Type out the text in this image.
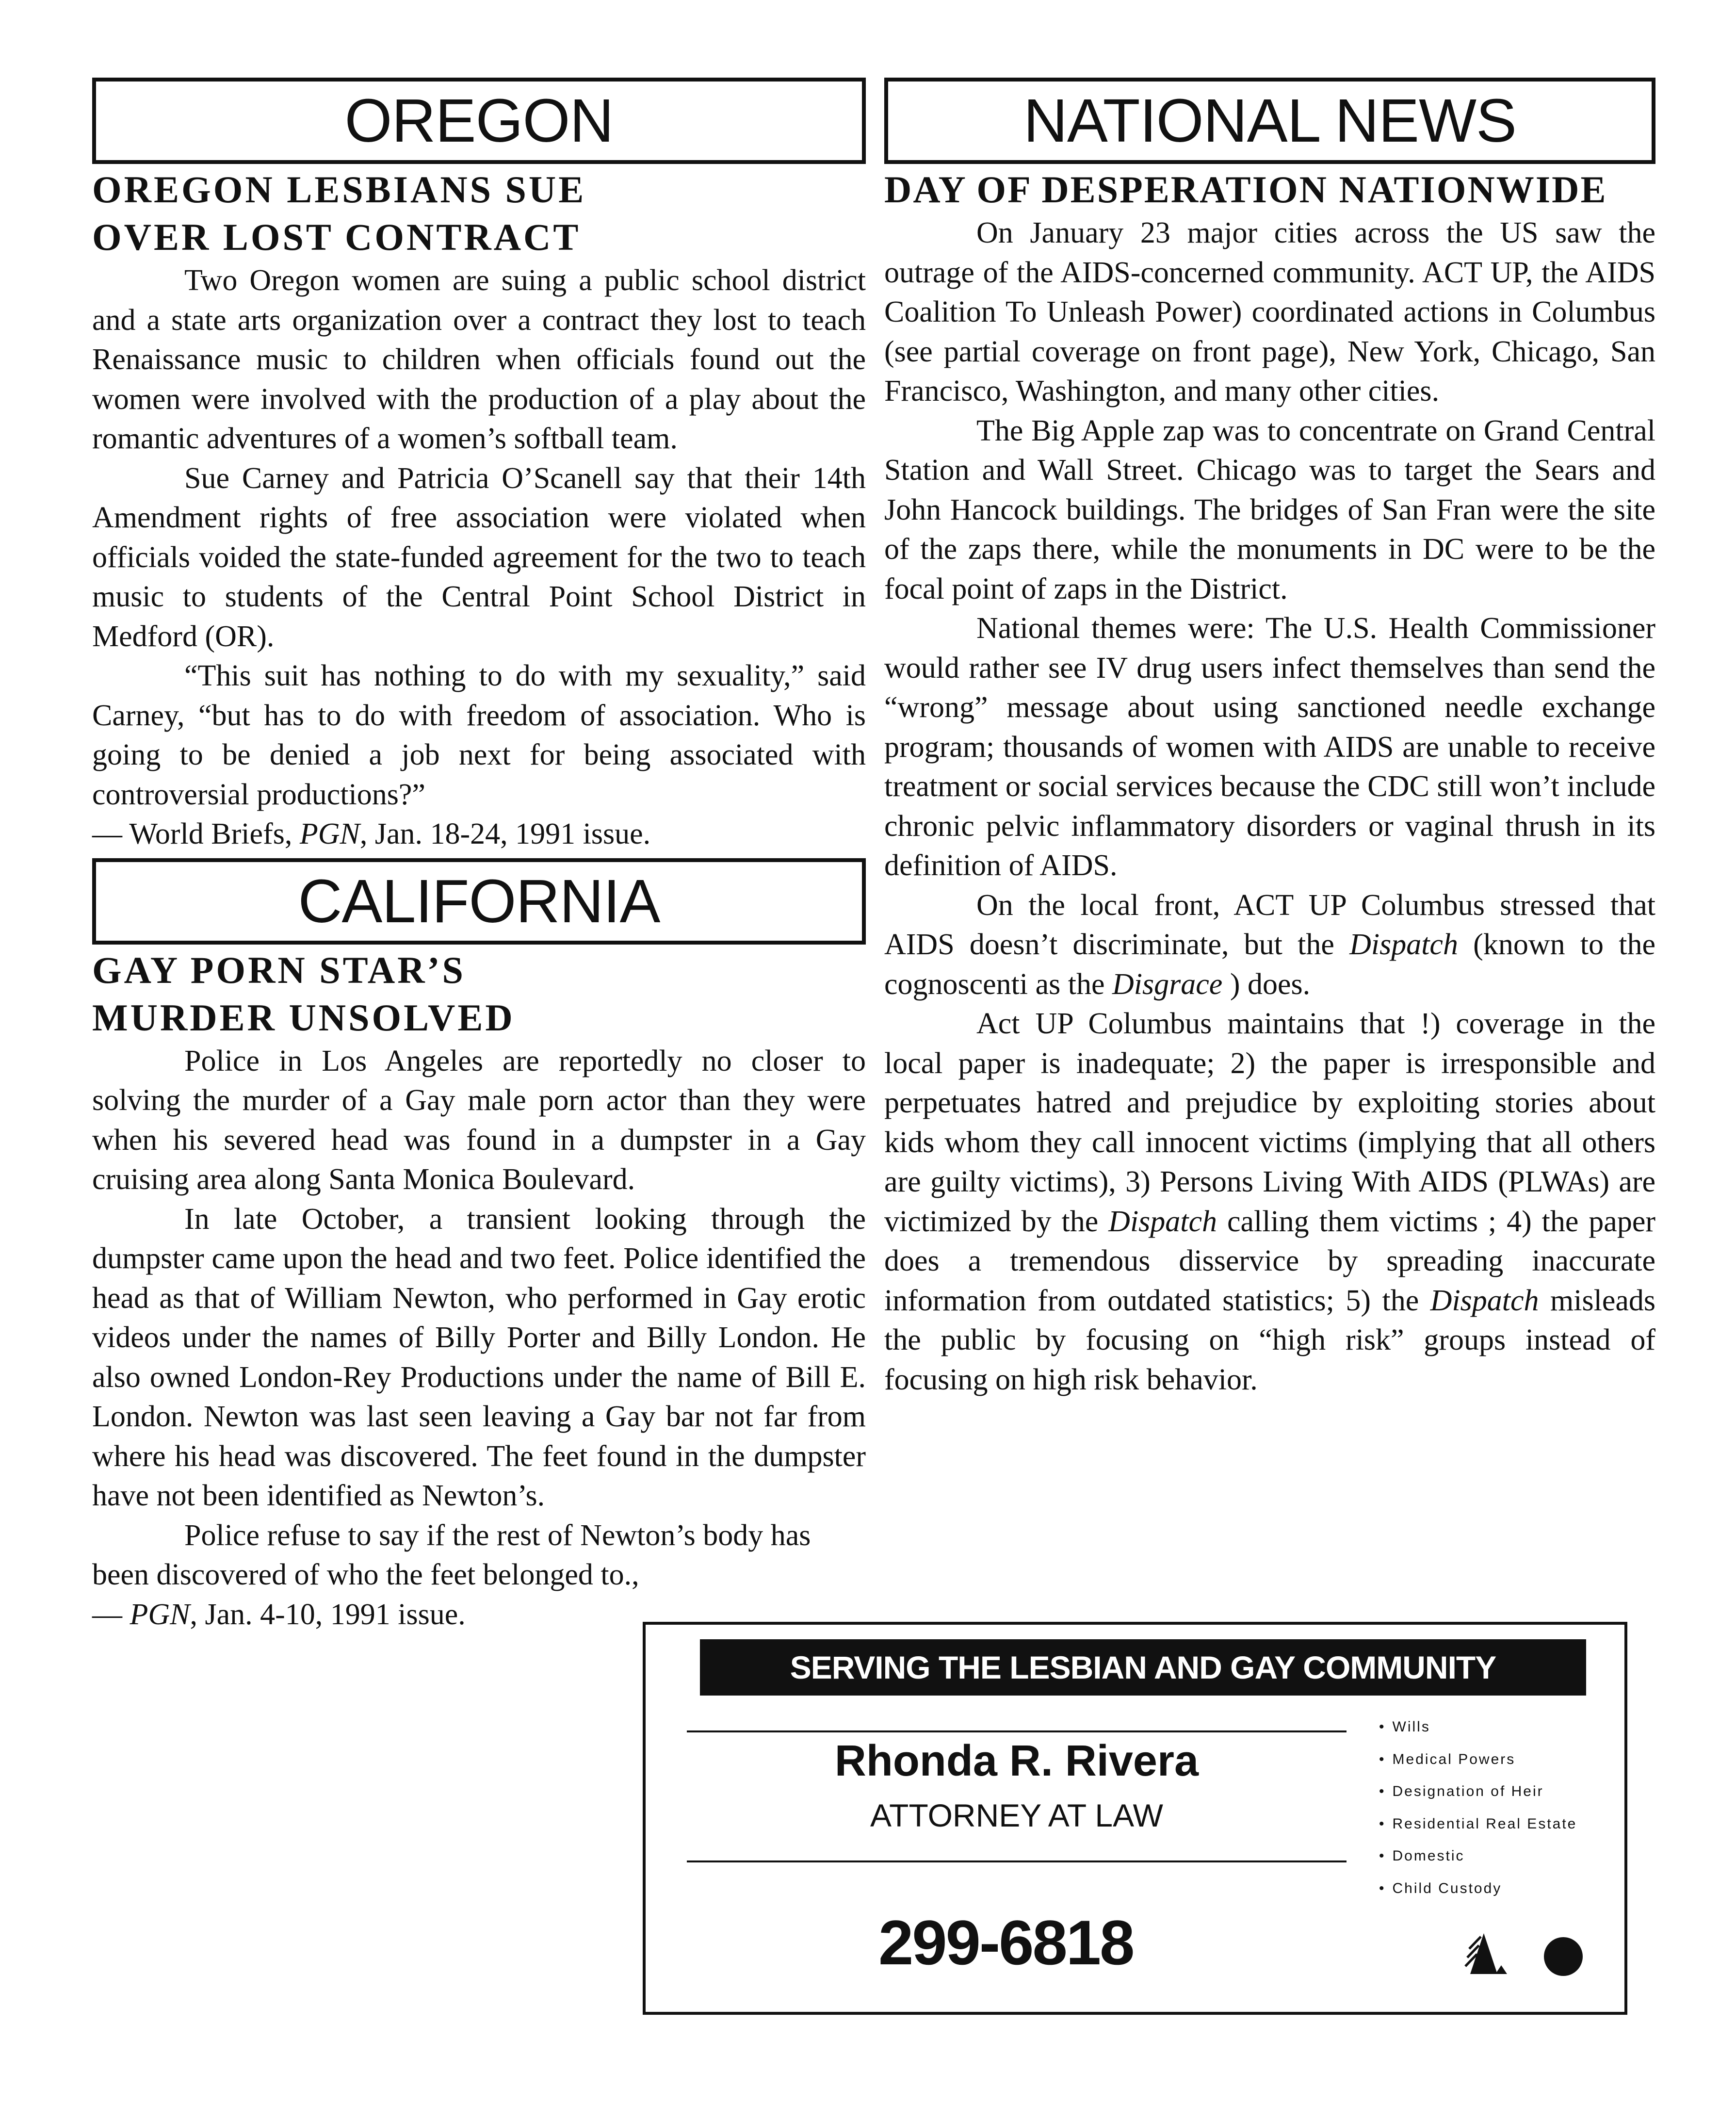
OREGON
OREGON LESBIANS SUE
OVER LOST CONTRACT

Two Oregon women are suing a public school district and a state arts organization over a contract they lost to teach Renaissance music to children when officials found out the women were involved with the production of a play about the romantic adventures of a women’s softball team.

Sue Carney and Patricia O’Scanell say that their 14th Amendment rights of free association were violated when officials voided the state-funded agreement for the two to teach music to students of the Central Point School District in Medford (OR).

“This suit has nothing to do with my sexuality,” said Carney, “but has to do with freedom of association. Who is going to be denied a job next for being associated with controversial productions?”

— World Briefs, PGN, Jan. 18-24, 1991 issue.

CALIFORNIA
GAY PORN STAR’S
MURDER UNSOLVED

Police in Los Angeles are reportedly no closer to solving the murder of a Gay male porn actor than they were when his severed head was found in a dumpster in a Gay cruising area along Santa Monica Boulevard.

In late October, a transient looking through the dumpster came upon the head and two feet. Police identified the head as that of William Newton, who performed in Gay erotic videos under the names of Billy Porter and Billy London. He also owned London-Rey Productions under the name of Bill E. London. Newton was last seen leaving a Gay bar not far from where his head was discovered. The feet found in the dumpster have not been identified as Newton’s.

Police refuse to say if the rest of Newton’s body has been discovered of who the feet belonged to.,

— PGN, Jan. 4-10, 1991 issue.

NATIONAL NEWS
DAY OF DESPERATION NATIONWIDE

On January 23 major cities across the US saw the outrage of the AIDS-concerned community. ACT UP, the AIDS Coalition To Unleash Power) coordinated actions in Columbus (see partial coverage on front page), New York, Chicago, San Francisco, Washington, and many other cities.

The Big Apple zap was to concentrate on Grand Central Station and Wall Street. Chicago was to target the Sears and John Hancock buildings. The bridges of San Fran were the site of the zaps there, while the monuments in DC were to be the focal point of zaps in the District.

National themes were: The U.S. Health Commissioner would rather see IV drug users infect themselves than send the “wrong” message about using sanctioned needle exchange program; thousands of women with AIDS are unable to receive treatment or social services because the CDC still won’t include chronic pelvic inflammatory disorders or vaginal thrush in its definition of AIDS.

On the local front, ACT UP Columbus stressed that AIDS doesn’t discriminate, but the Dispatch (known to the cognoscenti as the Disgrace ) does.

Act UP Columbus maintains that !) coverage in the local paper is inadequate; 2) the paper is irresponsible and perpetuates hatred and prejudice by exploiting stories about kids whom they call innocent victims (implying that all others are guilty victims), 3) Persons Living With AIDS (PLWAs) are victimized by the Dispatch calling them victims ; 4) the paper does a tremendous disservice by spreading inaccurate information from outdated statistics; 5) the Dispatch misleads the public by focusing on “high risk” groups instead of focusing on high risk behavior.

SERVING THE LESBIAN AND GAY COMMUNITY
Rhonda R. Rivera
ATTORNEY AT LAW
299-6818
• Wills
• Medical Powers
• Designation of Heir
• Residential Real Estate
• Domestic
• Child Custody
